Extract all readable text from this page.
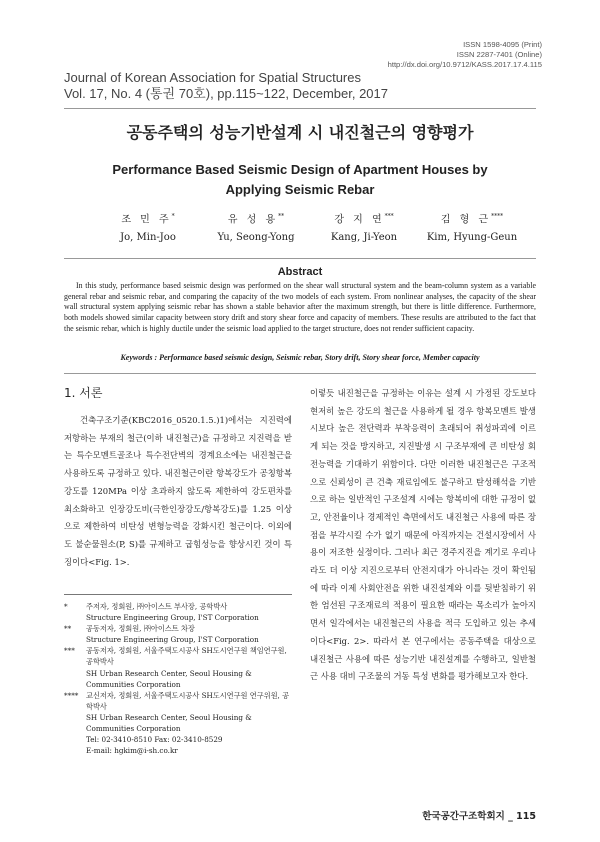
ISSN 1598-4095 (Print)
ISSN 2287-7401 (Online)
http://dx.doi.org/10.9712/KASS.2017.17.4.115
Journal of Korean Association for Spatial Structures
Vol. 17, No. 4 (통권 70호), pp.115~122, December, 2017
공동주택의 성능기반설계 시 내진철근의 영향평가
Performance Based Seismic Design of Apartment Houses by
Applying Seismic Rebar
조 민 주*
Jo, Min-Joo
유 성 용**
Yu, Seong-Yong
강 지 연***
Kang, Ji-Yeon
김 형 근****
Kim, Hyung-Geun
Abstract
In this study, performance based seismic design was performed on the shear wall structural system and the beam-column system as a variable general rebar and seismic rebar, and comparing the capacity of the two models of each system. From nonlinear analyses, the capacity of the shear wall structural system applying seismic rebar has shown a stable behavior after the maximum strength, but there is little difference. Furthermore, both models showed similar capacity between story drift and story shear force and capacity of members. These results are attributed to the fact that the seismic rebar, which is highly ductile under the seismic load applied to the target structure, does not render sufficient capacity.
Keywords : Performance based seismic design, Seismic rebar, Story drift, Story shear force, Member capacity
1. 서론
건축구조기준(KBC2016_0520.1.5.)1)에서는 지진력에 저항하는 부재의 철근(이하 내진철근)을 규정하고 지진력을 받는 특수모멘트골조나 특수전단벽의 경계요소에는 내진철근을 사용하도록 규정하고 있다. 내진철근이란 항복강도가 공칭항복강도를 120MPa 이상 초과하지 않도록 제한하여 강도편차를 최소화하고 인장강도비(극한인장강도/항복강도)를 1.25 이상으로 제한하여 비탄성 변형능력을 강화시킨 철근이다. 이외에도 불순물원소(P, S)를 규제하고 굽힘성능을 향상시킨 것이 특징이다<Fig. 1>.
이렇듯 내진철근을 규정하는 이유는 설계 시 가정된 강도보다 현저히 높은 강도의 철근을 사용하게 될 경우 항복모멘트 발생 시보다 높은 전단력과 부착응력이 초래되어 취성파괴에 이르게 되는 것을 방지하고, 지진발생 시 구조부재에 큰 비탄성 회전능력을 기대하기 위함이다. 다만 이러한 내진철근은 구조적으로 신뢰성이 큰 건축 재료임에도 불구하고 탄성해석을 기반으로 하는 일반적인 구조설계 시에는 항복비에 대한 규정이 없고, 안전율이나 경제적인 측면에서도 내진철근 사용에 따른 장점을 부각시킬 수가 없기 때문에 아직까지는 건설시장에서 사용이 저조한 실정이다. 그러나 최근 경주지진을 계기로 우리나라도 더 이상 지진으로부터 안전지대가 아니라는 것이 확인됨에 따라 이제 사회안전을 위한 내진설계와 이를 뒷받침하기 위한 엄선된 구조재료의 적용이 필요한 때라는 목소리가 높아지면서 일각에서는 내진철근의 사용을 적극 도입하고 있는 추세이다<Fig. 2>. 따라서 본 연구에서는 공동주택을 대상으로 내진철근 사용에 따른 성능기반 내진설계를 수행하고, 일반철근 사용 대비 구조물의 거동 특성 변화를 평가해보고자 한다.
*	주저자, 정회원, ㈜아이스트 부사장, 공학박사
Structure Engineering Group, I'ST Corporation
**	공동저자, 정회원, ㈜아이스트 차장
Structure Engineering Group, I'ST Corporation
***	공동저자, 정회원, 서울주택도시공사 SH도시연구원 책임연구원, 공학박사
SH Urban Research Center, Seoul Housing & Communities Corporation
****	교신저자, 정회원, 서울주택도시공사 SH도시연구원 연구위원, 공학박사
SH Urban Research Center, Seoul Housing & Communities Corporation
Tel: 02-3410-8510 Fax: 02-3410-8529
E-mail: hgkim@i-sh.co.kr
한국공간구조학회지 _ 115
